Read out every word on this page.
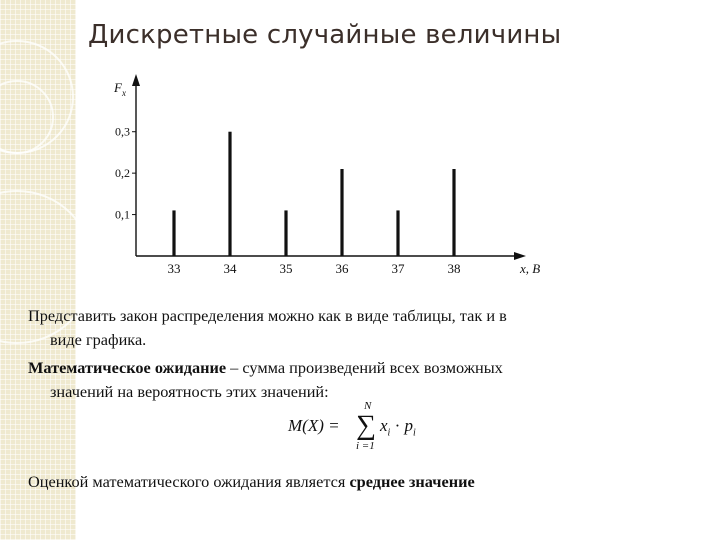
Дискретные случайные величины
$F_x$
x, B
0,1
0,2
0,3
33	34	35	36	37	38
Представить закон распределения можно как в виде таблицы, так и в
виде графика.
Математическое ожидание – сумма произведений всех возможных
значений на вероятность этих значений:
M(X) =
N
∑
i =1
$x_i \cdot p_i$
Оценкой математического ожидания является среднее значение
